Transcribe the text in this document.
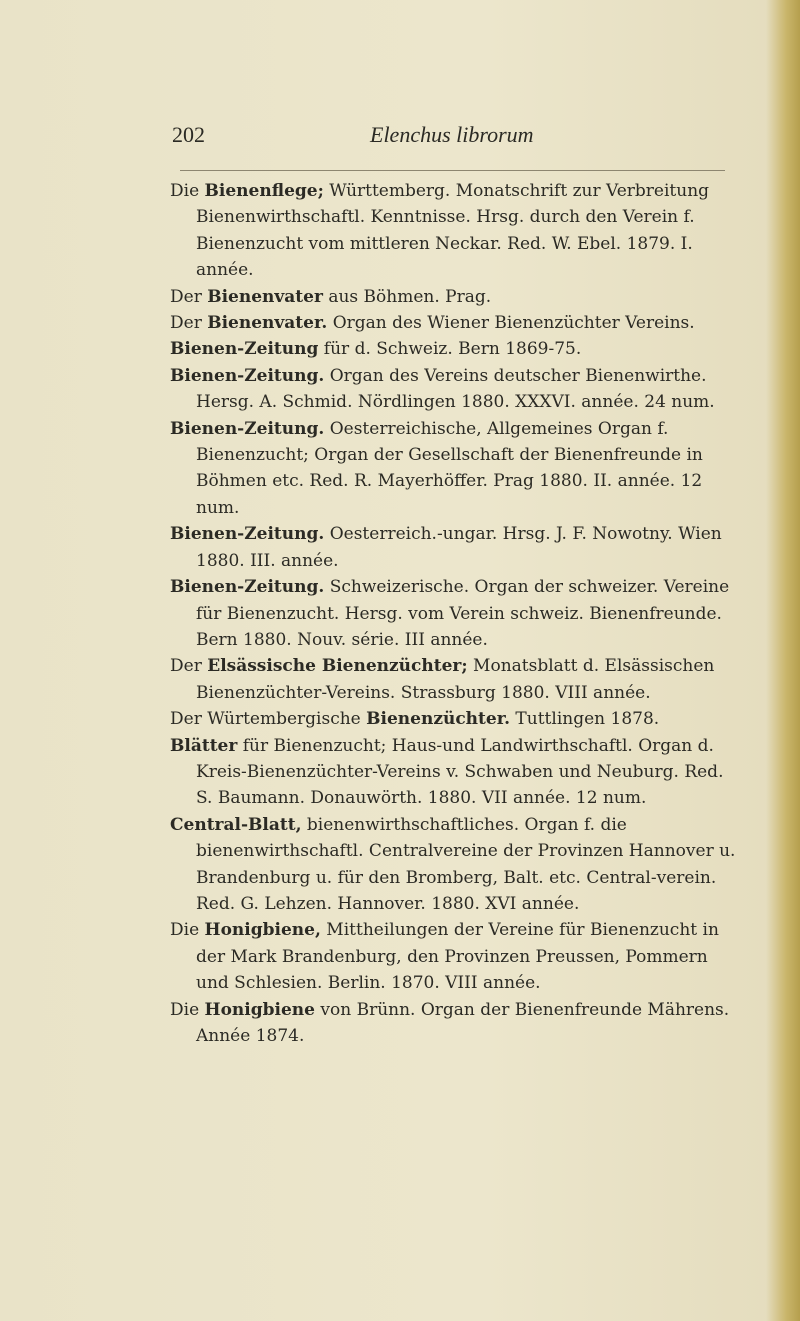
202	Elenchus librorum

Die Bienenflege; Württemberg. Monatschrift zur Verbreitung Bienenwirthschaftl. Kenntnisse. Hrsg. durch den Verein f. Bienenzucht vom mittleren Neckar. Red. W. Ebel. 1879. I. année.

Der Bienenvater aus Böhmen. Prag.

Der Bienenvater. Organ des Wiener Bienenzüchter Vereins.

Bienen-Zeitung für d. Schweiz. Bern 1869-75.

Bienen-Zeitung. Organ des Vereins deutscher Bienenwirthe. Hersg. A. Schmid. Nördlingen 1880. XXXVI. année. 24 num.

Bienen-Zeitung. Oesterreichische, Allgemeines Organ f. Bienenzucht; Organ der Gesellschaft der Bienenfreunde in Böhmen etc. Red. R. Mayerhöffer. Prag 1880. II. année. 12 num.

Bienen-Zeitung. Oesterreich.-ungar. Hrsg. J. F. Nowotny. Wien 1880. III. année.

Bienen-Zeitung. Schweizerische. Organ der schweizer. Vereine für Bienenzucht. Hersg. vom Verein schweiz. Bienenfreunde. Bern 1880. Nouv. série. III année.

Der Elsässische Bienenzüchter; Monatsblatt d. Elsässischen Bienenzüchter-Vereins. Strassburg 1880. VIII année.

Der Würtembergische Bienenzüchter. Tuttlingen 1878.

Blätter für Bienenzucht; Haus-und Landwirthschaftl. Organ d. Kreis-Bienenzüchter-Vereins v. Schwaben und Neuburg. Red. S. Baumann. Donauwörth. 1880. VII année. 12 num.

Central-Blatt, bienenwirthschaftliches. Organ f. die bienenwirthschaftl. Centralvereine der Provinzen Hannover u. Brandenburg u. für den Bromberg, Balt. etc. Central-verein. Red. G. Lehzen. Hannover. 1880. XVI année.

Die Honigbiene, Mittheilungen der Vereine für Bienenzucht in der Mark Brandenburg, den Provinzen Preussen, Pommern und Schlesien. Berlin. 1870. VIII année.

Die Honigbiene von Brünn. Organ der Bienenfreunde Mährens. Année 1874.
